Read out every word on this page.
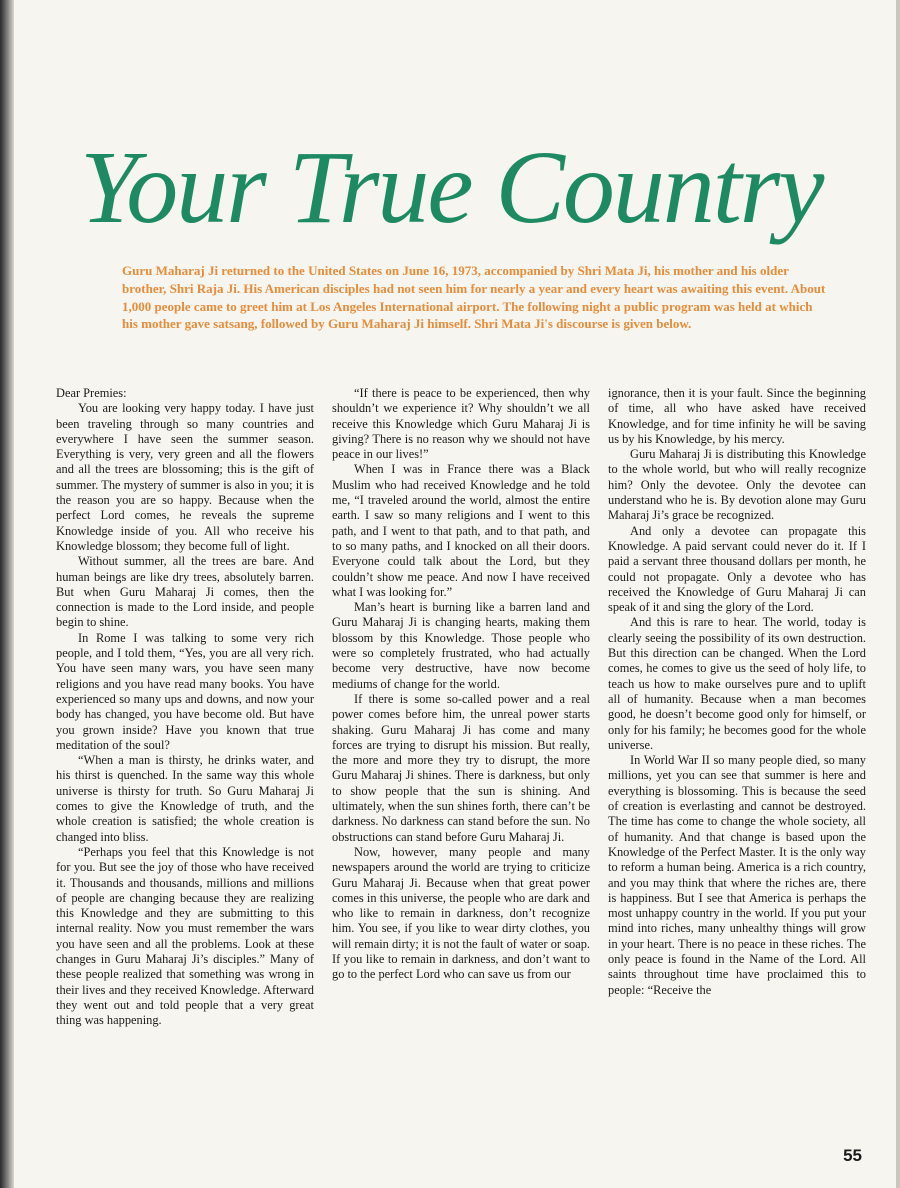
Your True Country

Guru Maharaj Ji returned to the United States on June 16, 1973, accompanied by Shri Mata Ji, his mother and his older brother, Shri Raja Ji. His American disciples had not seen him for nearly a year and every heart was awaiting this event. About 1,000 people came to greet him at Los Angeles International airport. The following night a public program was held at which his mother gave satsang, followed by Guru Maharaj Ji himself. Shri Mata Ji's discourse is given below.

Dear Premies:

You are looking very happy today. I have just been traveling through so many countries and everywhere I have seen the summer season. Everything is very, very green and all the flowers and all the trees are blossoming; this is the gift of summer. The mystery of summer is also in you; it is the reason you are so happy. Because when the perfect Lord comes, he reveals the supreme Knowledge inside of you. All who receive his Knowledge blossom; they become full of light.

Without summer, all the trees are bare. And human beings are like dry trees, absolutely barren. But when Guru Maharaj Ji comes, then the connection is made to the Lord inside, and people begin to shine.

In Rome I was talking to some very rich people, and I told them, “Yes, you are all very rich. You have seen many wars, you have seen many religions and you have read many books. You have experienced so many ups and downs, and now your body has changed, you have become old. But have you grown inside? Have you known that true meditation of the soul?

“When a man is thirsty, he drinks water, and his thirst is quenched. In the same way this whole universe is thirsty for truth. So Guru Maharaj Ji comes to give the Knowledge of truth, and the whole creation is satisfied; the whole creation is changed into bliss.

“Perhaps you feel that this Knowledge is not for you. But see the joy of those who have received it. Thousands and thousands, millions and millions of people are changing because they are realizing this Knowledge and they are submitting to this internal reality. Now you must remember the wars you have seen and all the problems. Look at these changes in Guru Maharaj Ji’s disciples.” Many of these people realized that something was wrong in their lives and they received Knowledge. Afterward they went out and told people that a very great thing was happening.

“If there is peace to be experienced, then why shouldn’t we experience it? Why shouldn’t we all receive this Knowledge which Guru Maharaj Ji is giving? There is no reason why we should not have peace in our lives!”

When I was in France there was a Black Muslim who had received Knowledge and he told me, “I traveled around the world, almost the entire earth. I saw so many religions and I went to this path, and I went to that path, and to that path, and to so many paths, and I knocked on all their doors. Everyone could talk about the Lord, but they couldn’t show me peace. And now I have received what I was looking for.”

Man’s heart is burning like a barren land and Guru Maharaj Ji is changing hearts, making them blossom by this Knowledge. Those people who were so completely frustrated, who had actually become very destructive, have now become mediums of change for the world.

If there is some so-called power and a real power comes before him, the unreal power starts shaking. Guru Maharaj Ji has come and many forces are trying to disrupt his mission. But really, the more and more they try to disrupt, the more Guru Maharaj Ji shines. There is darkness, but only to show people that the sun is shining. And ultimately, when the sun shines forth, there can’t be darkness. No darkness can stand before the sun. No obstructions can stand before Guru Maharaj Ji.

Now, however, many people and many newspapers around the world are trying to criticize Guru Maharaj Ji. Because when that great power comes in this universe, the people who are dark and who like to remain in darkness, don’t recognize him. You see, if you like to wear dirty clothes, you will remain dirty; it is not the fault of water or soap. If you like to remain in darkness, and don’t want to go to the perfect Lord who can save us from our

ignorance, then it is your fault. Since the beginning of time, all who have asked have received Knowledge, and for time infinity he will be saving us by his Knowledge, by his mercy.

Guru Maharaj Ji is distributing this Knowledge to the whole world, but who will really recognize him? Only the devotee. Only the devotee can understand who he is. By devotion alone may Guru Maharaj Ji’s grace be recognized.

And only a devotee can propagate this Knowledge. A paid servant could never do it. If I paid a servant three thousand dollars per month, he could not propagate. Only a devotee who has received the Knowledge of Guru Maharaj Ji can speak of it and sing the glory of the Lord.

And this is rare to hear. The world, today is clearly seeing the possibility of its own destruction. But this direction can be changed. When the Lord comes, he comes to give us the seed of holy life, to teach us how to make ourselves pure and to uplift all of humanity. Because when a man becomes good, he doesn’t become good only for himself, or only for his family; he becomes good for the whole universe.

In World War II so many people died, so many millions, yet you can see that summer is here and everything is blossoming. This is because the seed of creation is everlasting and cannot be destroyed. The time has come to change the whole society, all of humanity. And that change is based upon the Knowledge of the Perfect Master. It is the only way to reform a human being. America is a rich country, and you may think that where the riches are, there is happiness. But I see that America is perhaps the most unhappy country in the world. If you put your mind into riches, many unhealthy things will grow in your heart. There is no peace in these riches. The only peace is found in the Name of the Lord. All saints throughout time have proclaimed this to people: “Receive the

55
